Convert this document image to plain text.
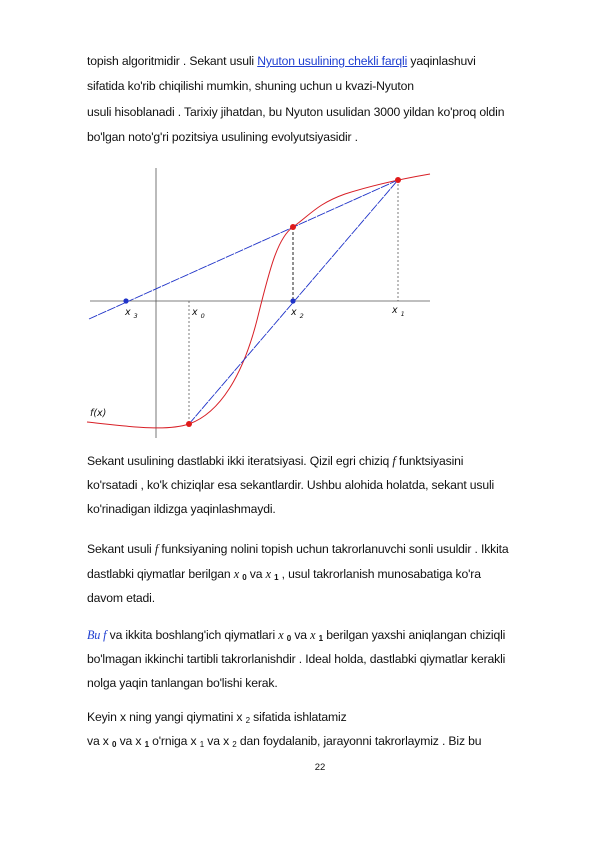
topish algoritmidir . Sekant usuli Nyuton usulining chekli farqli yaqinlashuvi
sifatida ko'rib chiqilishi mumkin, shuning uchun u kvazi-Nyuton
usuli hisoblanadi . Tarixiy jihatdan, bu Nyuton usulidan 3000 yildan ko'proq oldin
bo'lgan noto'g'ri pozitsiya usulining evolyutsiyasidir .
x $_3$	x $_0$	x $_2$	x $_1$
f(x)
Sekant usulining dastlabki ikki iteratsiyasi. Qizil egri chiziq f funktsiyasini
ko'rsatadi , ko'k chiziqlar esa sekantlardir. Ushbu alohida holatda, sekant usuli
ko'rinadigan ildizga yaqinlashmaydi.
Sekant usuli f funksiyaning nolini topish uchun takrorlanuvchi sonli usuldir . Ikkita
dastlabki qiymatlar berilgan x 0 va x 1 , usul takrorlanish munosabatiga ko'ra
davom etadi.
Bu f va ikkita boshlang'ich qiymatlari x 0 va x 1 berilgan yaxshi aniqlangan chiziqli
bo'lmagan ikkinchi tartibli takrorlanishdir . Ideal holda, dastlabki qiymatlar kerakli
nolga yaqin tanlangan bo'lishi kerak.
Keyin x ning yangi qiymatini x 2 sifatida ishlatamiz
va x 0 va x 1 o'rniga x 1 va x 2 dan foydalanib, jarayonni takrorlaymiz . Biz bu
22
